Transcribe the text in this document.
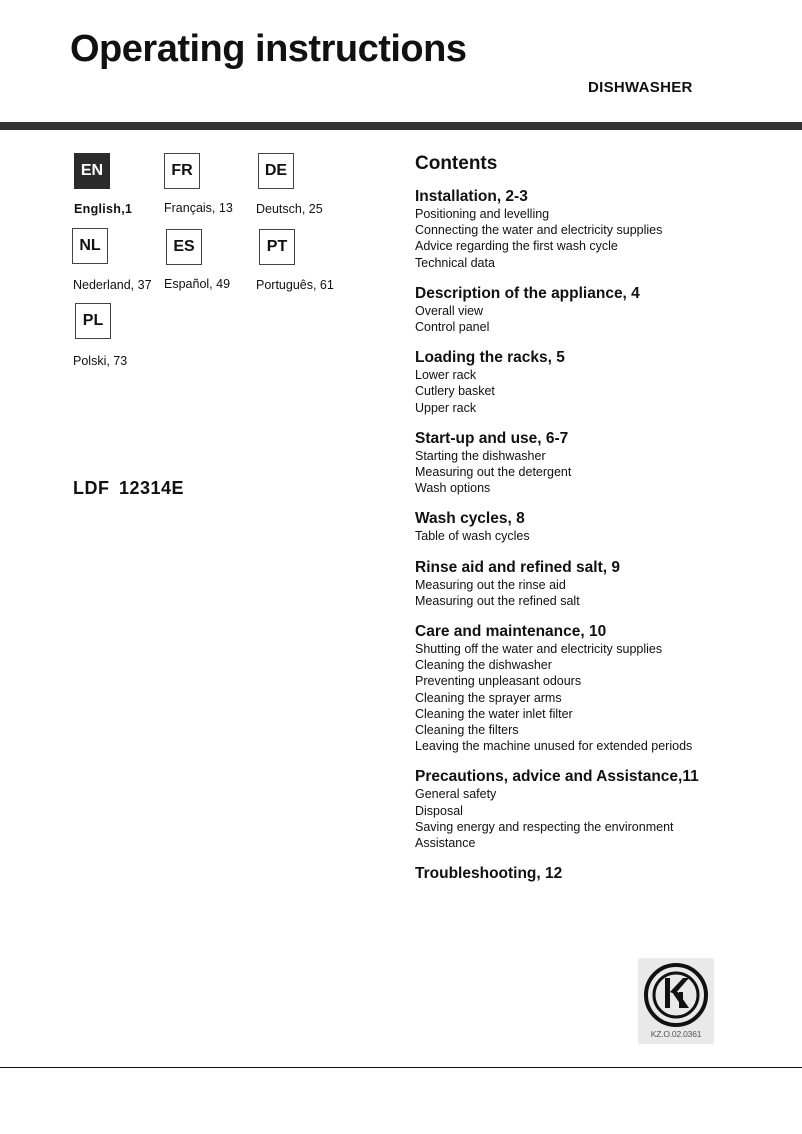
Operating instructions
DISHWASHER
EN
English,1
FR
Français, 13
DE
Deutsch, 25
NL
Nederland, 37
ES
Español, 49
PT
Português, 61
PL
Polski, 73
LDF 12314E
Contents
Installation, 2-3
Positioning and levelling
Connecting the water and electricity supplies
Advice regarding the first wash cycle
Technical data
Description of the appliance, 4
Overall view
Control panel
Loading the racks, 5
Lower rack
Cutlery basket
Upper rack
Start-up and use, 6-7
Starting the dishwasher
Measuring out the detergent
Wash options
Wash cycles, 8
Table of wash cycles
Rinse aid and refined salt, 9
Measuring out the rinse aid
Measuring out the refined salt
Care and maintenance, 10
Shutting off the water and electricity supplies
Cleaning the dishwasher
Preventing unpleasant odours
Cleaning the sprayer arms
Cleaning the water inlet filter
Cleaning the filters
Leaving the machine unused for extended periods
Precautions, advice and Assistance,11
General safety
Disposal
Saving energy and respecting the environment
Assistance
Troubleshooting, 12
KZ.O.02.0361
